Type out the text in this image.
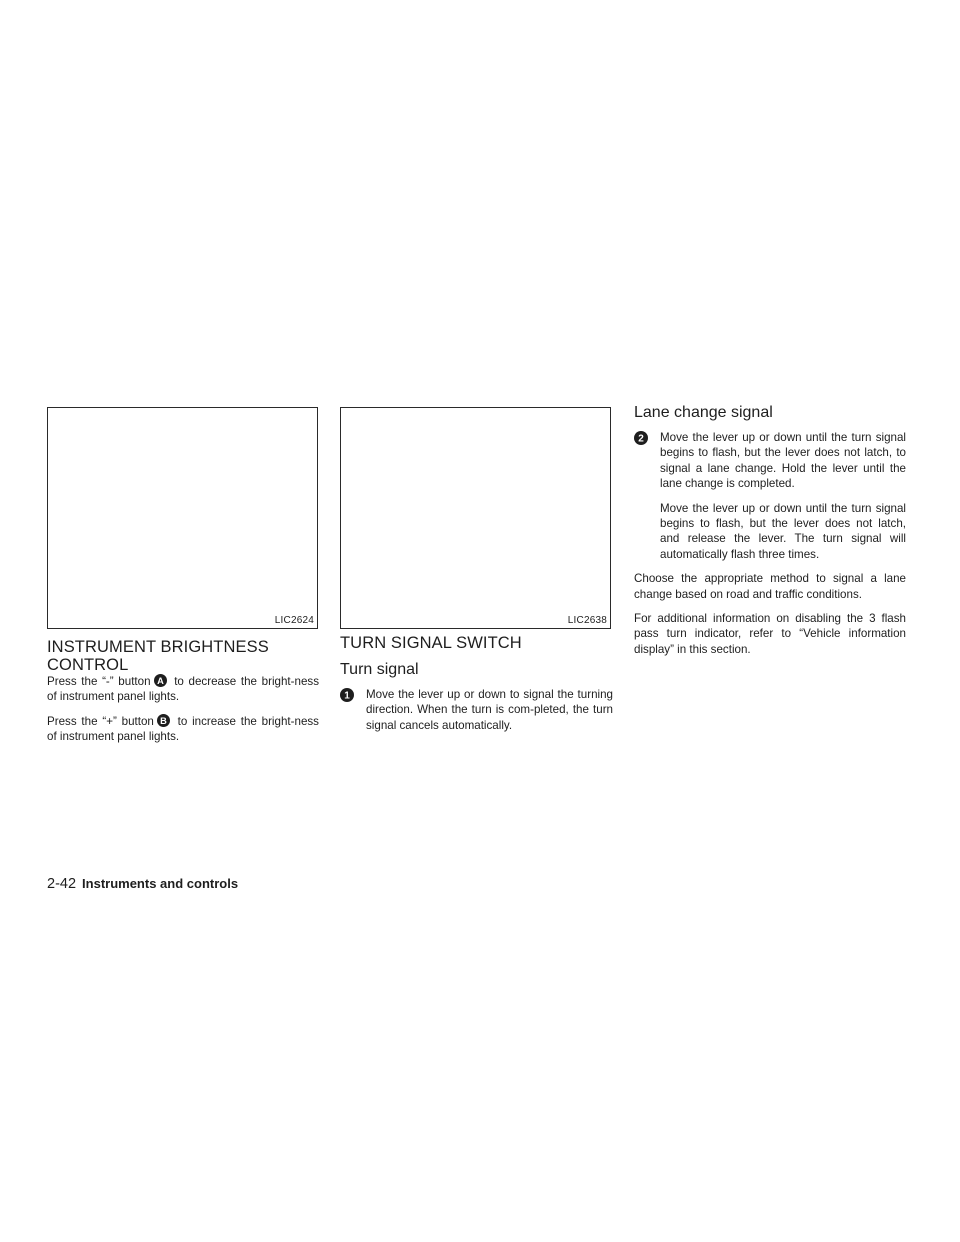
LIC2624	LIC2638
INSTRUMENT BRIGHTNESS
CONTROL

Press the “-” button A to decrease the bright-ness of instrument panel lights.

Press the “+” button B to increase the bright-ness of instrument panel lights.

TURN SIGNAL SWITCH
Turn signal
1 Move the lever up or down to signal the turning direction. When the turn is com-pleted, the turn signal cancels automatically.

Lane change signal
2 Move the lever up or down until the turn signal begins to flash, but the lever does not latch, to signal a lane change. Hold the lever until the lane change is completed.

Move the lever up or down until the turn signal begins to flash, but the lever does not latch, and release the lever. The turn signal will automatically flash three times.

Choose the appropriate method to signal a lane change based on road and traffic conditions.

For additional information on disabling the 3 flash pass turn indicator, refer to “Vehicle information display” in this section.

2-42 Instruments and controls
